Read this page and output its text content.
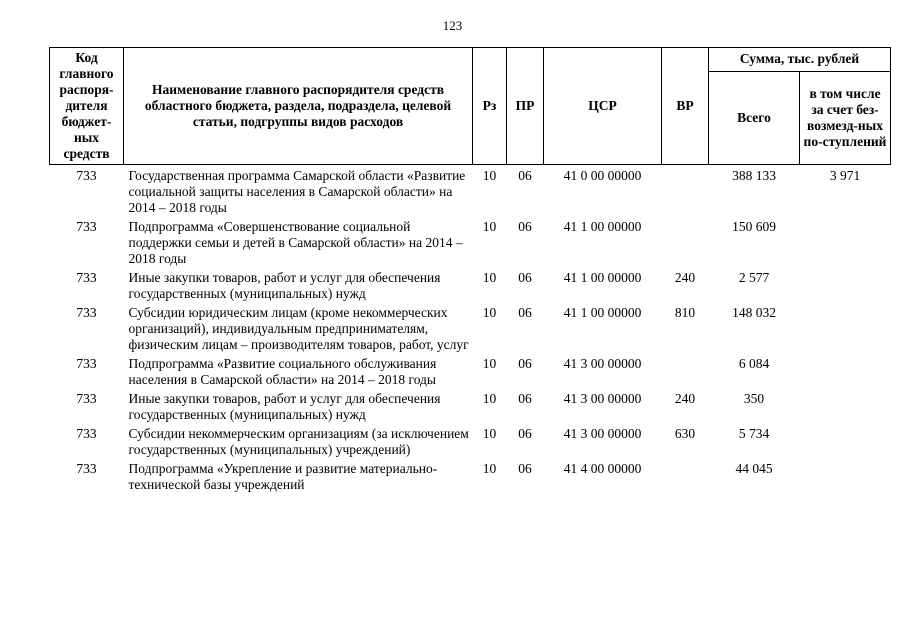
123
Код главного распоря-дителя бюджет-ных средств	Наименование главного распорядителя средств областного бюджета, раздела, подраздела, целевой статьи, подгруппы видов расходов	Рз	ПР	ЦСР	ВР	Сумма, тыс. рублей	
						Всего	в том числе за счет без-возмезд-ных по-ступлений
733	Государственная программа Самарской области «Развитие социальной защиты населения в Самарской области» на 2014 – 2018 годы	10	06	41 0 00 00000		388 133	3 971
733	Подпрограмма «Совершенствование социальной поддержки семьи и детей в Самарской области» на 2014 – 2018 годы	10	06	41 1 00 00000		150 609	
733	Иные закупки товаров, работ и услуг для обеспечения государственных (муниципальных) нужд	10	06	41 1 00 00000	240	2 577	
733	Субсидии юридическим лицам (кроме некоммерческих организаций), индивидуальным предпринимателям, физическим лицам – производителям товаров, работ, услуг	10	06	41 1 00 00000	810	148 032	
733	Подпрограмма «Развитие социального обслуживания населения в Самарской области» на 2014 – 2018 годы	10	06	41 3 00 00000		6 084	
733	Иные закупки товаров, работ и услуг для обеспечения государственных (муниципальных) нужд	10	06	41 3 00 00000	240	350	
733	Субсидии некоммерческим организациям (за исключением государственных (муниципальных) учреждений)	10	06	41 3 00 00000	630	5 734	
733	Подпрограмма «Укрепление и развитие материально-технической базы учреждений	10	06	41 4 00 00000		44 045	
